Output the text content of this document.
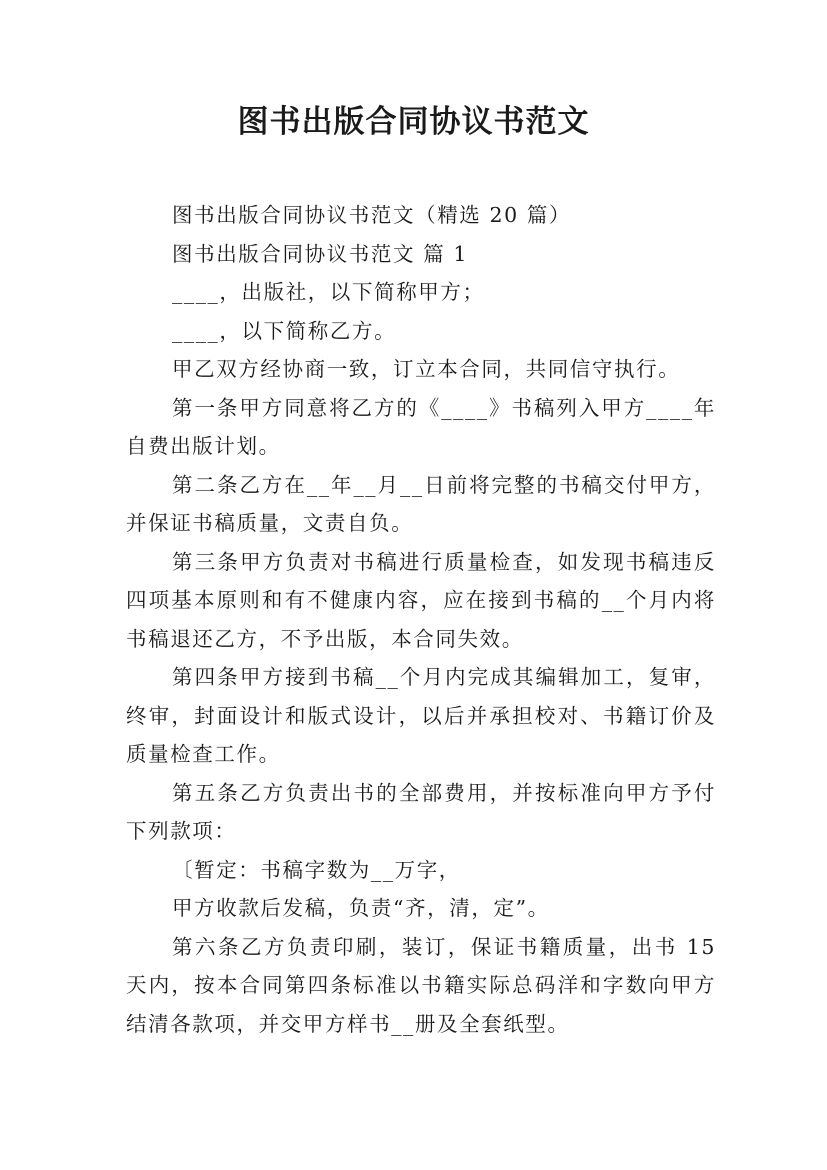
图书出版合同协议书范文

图书出版合同协议书范文（精选 20 篇）

图书出版合同协议书范文 篇 1

____，出版社，以下简称甲方；

____，以下简称乙方。

甲乙双方经协商一致，订立本合同，共同信守执行。

第一条甲方同意将乙方的《____》书稿列入甲方____年自费出版计划。

第二条乙方在__年__月__日前将完整的书稿交付甲方，并保证书稿质量，文责自负。

第三条甲方负责对书稿进行质量检查，如发现书稿违反四项基本原则和有不健康内容，应在接到书稿的__个月内将书稿退还乙方，不予出版，本合同失效。

第四条甲方接到书稿__个月内完成其编辑加工，复审，终审，封面设计和版式设计，以后并承担校对、书籍订价及质量检查工作。

第五条乙方负责出书的全部费用，并按标准向甲方予付下列款项：

〔暂定：书稿字数为__万字，

甲方收款后发稿，负责“齐，清，定”。

第六条乙方负责印刷，装订，保证书籍质量，出书 15 天内，按本合同第四条标准以书籍实际总码洋和字数向甲方结清各款项，并交甲方样书__册及全套纸型。
